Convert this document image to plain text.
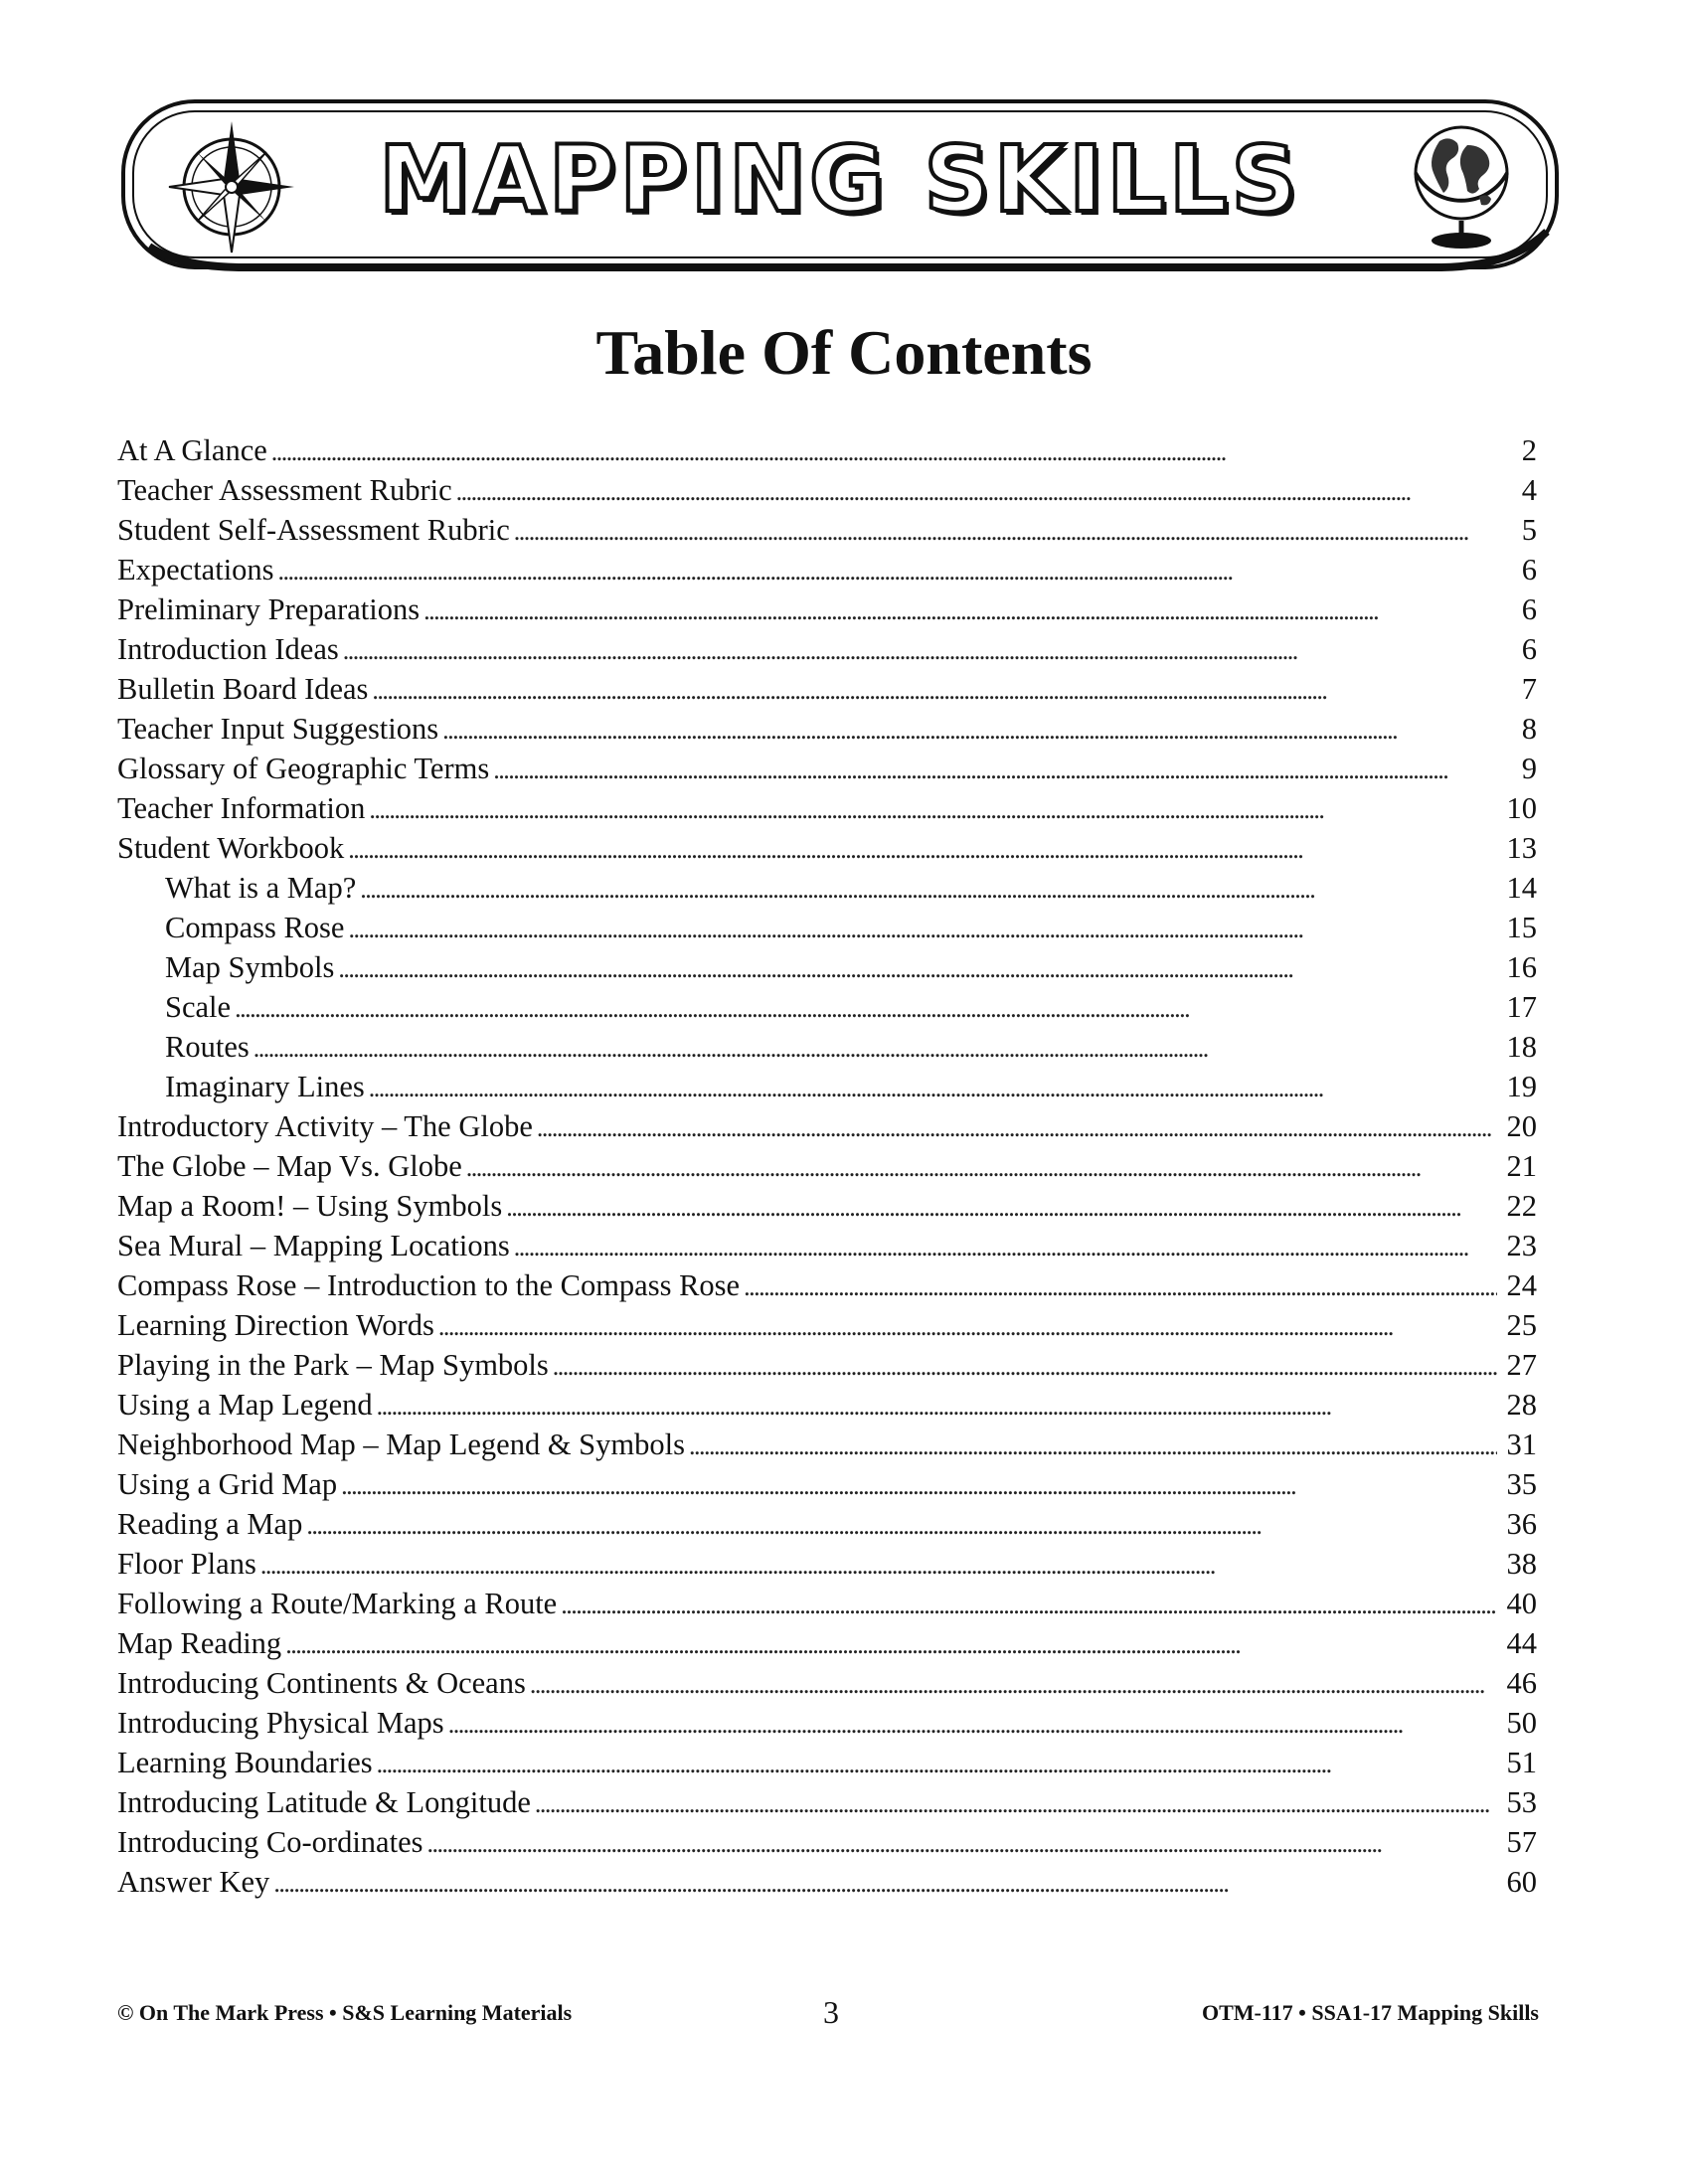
MAPPING SKILLS
Table Of Contents
At A Glance . . .	2
Teacher Assessment Rubric . . .	4
Student Self-Assessment Rubric . . .	5
Expectations . . .	6
Preliminary Preparations . . .	6
Introduction Ideas . . .	6
Bulletin Board Ideas . . .	7
Teacher Input Suggestions . . .	8
Glossary of Geographic Terms . . .	9
Teacher Information . . .	10
Student Workbook . . .	13
What is a Map? . . .	14
Compass Rose . . .	15
Map Symbols . . .	16
Scale . . .	17
Routes . . .	18
Imaginary Lines . . .	19
Introductory Activity – The Globe . . .	20
The Globe – Map Vs. Globe . . .	21
Map a Room! – Using Symbols . . .	22
Sea Mural – Mapping Locations . . .	23
Compass Rose – Introduction to the Compass Rose . . .	24
Learning Direction Words . . .	25
Playing in the Park – Map Symbols . . .	27
Using a Map Legend . . .	28
Neighborhood Map – Map Legend & Symbols . . .	31
Using a Grid Map . . .	35
Reading a Map . . .	36
Floor Plans . . .	38
Following a Route/Marking a Route . . .	40
Map Reading . . .	44
Introducing Continents & Oceans . . .	46
Introducing Physical Maps . . .	50
Learning Boundaries . . .	51
Introducing Latitude & Longitude . . .	53
Introducing Co-ordinates . . .	57
Answer Key . . .	60
© On The Mark Press • S&S Learning Materials	3	OTM-117 • SSA1-17 Mapping Skills
